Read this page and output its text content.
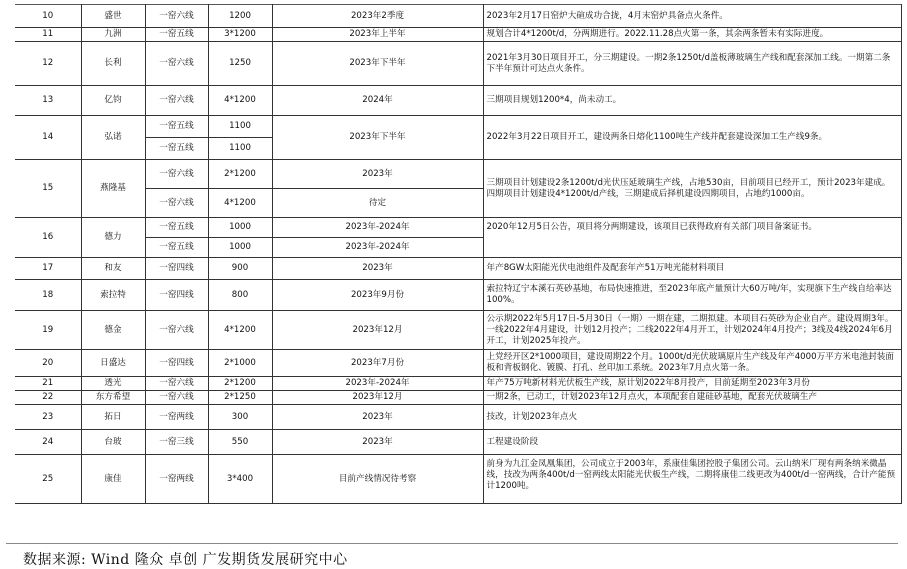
10	盛世	一窑六线	1200	2023年2季度	2023年2月17日窑炉大碹成功合拢，4月末窑炉具备点火条件。
11	九洲	一窑五线	3*1200	2023年上半年	规划合计4*1200t/d，分两期进行。2022.11.28点火第一条，其余两条暂未有实际进度。
12	长利	一窑六线	1250	2023年下半年	2021年3月30日项目开工，分三期建设。一期2条1250t/d盖板薄玻璃生产线和配套深加工线。一期第二条下半年预计可达点火条件。
13	亿钧	一窑六线	4*1200	2024年	三期项目规划1200*4，尚未动工。
14	弘诺	一窑五线	1100	2023年下半年	2022年3月22日项目开工，建设两条日熔化1100吨生产线并配套建设深加工生产线9条。
		一窑五线	1100		
15	燕隆基	一窑六线	2*1200	2023年	三期项目计划建设2条1200t/d光伏压延玻璃生产线，占地530亩，目前项目已经开工，预计2023年建成。四期项目计划建设4*1200t/d产线，三期建成后择机建设四期项目，占地约1000亩。
		一窑六线	4*1200	待定	
16	德力	一窑五线	1000	2023年-2024年	2020年12月5日公告，项目将分两期建设，该项目已获得政府有关部门项目备案证书。
		一窑五线	1000	2023年-2024年	
17	和友	一窑四线	900	2023年	年产8GW太阳能光伏电池组件及配套年产51万吨光能材料项目
18	索拉特	一窑四线	800	2023年9月份	索拉特辽宁本溪石英砂基地，布局快速推进，至2023年底产量预计大60万吨/年，实现旗下生产线自给率达100%。
19	德金	一窑六线	4*1200	2023年12月	公示期2022年5月17日-5月30日（一期）一期在建，二期拟建。本项目石英砂为企业自产。建设周期3年。一线2022年4月建设，计划12月投产；二线2022年4月开工，计划2024年4月投产；3线及4线2024年6月开工，计划2025年投产。
20	日盛达	一窑四线	2*1000	2023年7月份	上党经开区2*1000项目，建设周期22个月。1000t/d光伏玻璃原片生产线及年产4000万平方米电池封装面板和背板钢化、镀膜、打孔、丝印加工系统。2023年7月点火第一条。
21	透光	一窑六线	2*1200	2023年-2024年	年产75万吨新材料光伏板生产线，原计划2022年8月投产，目前延期至2023年3月份
22	东方希望	一窑六线	2*1250	2023年12月	一期2条，已动工，计划2023年12月点火，本项配套自建硅砂基地，配套光伏玻璃生产
23	拓日	一窑两线	300	2023年	技改，计划2023年点火
24	台玻	一窑三线	550	2023年	工程建设阶段
25	康佳	一窑两线	3*400	目前产线情况待考察	前身为九江金凤凰集团，公司成立于2003年，系康佳集团控股子集团公司。云山纳米厂现有两条纳米微晶线，技改为两条400t/d一窑两线太阳能光伏板生产线，二期将康佳二线更改为400t/d一窑两线，合计产能预计1200吨。
数据来源: Wind 隆众 卓创 广发期货发展研究中心
